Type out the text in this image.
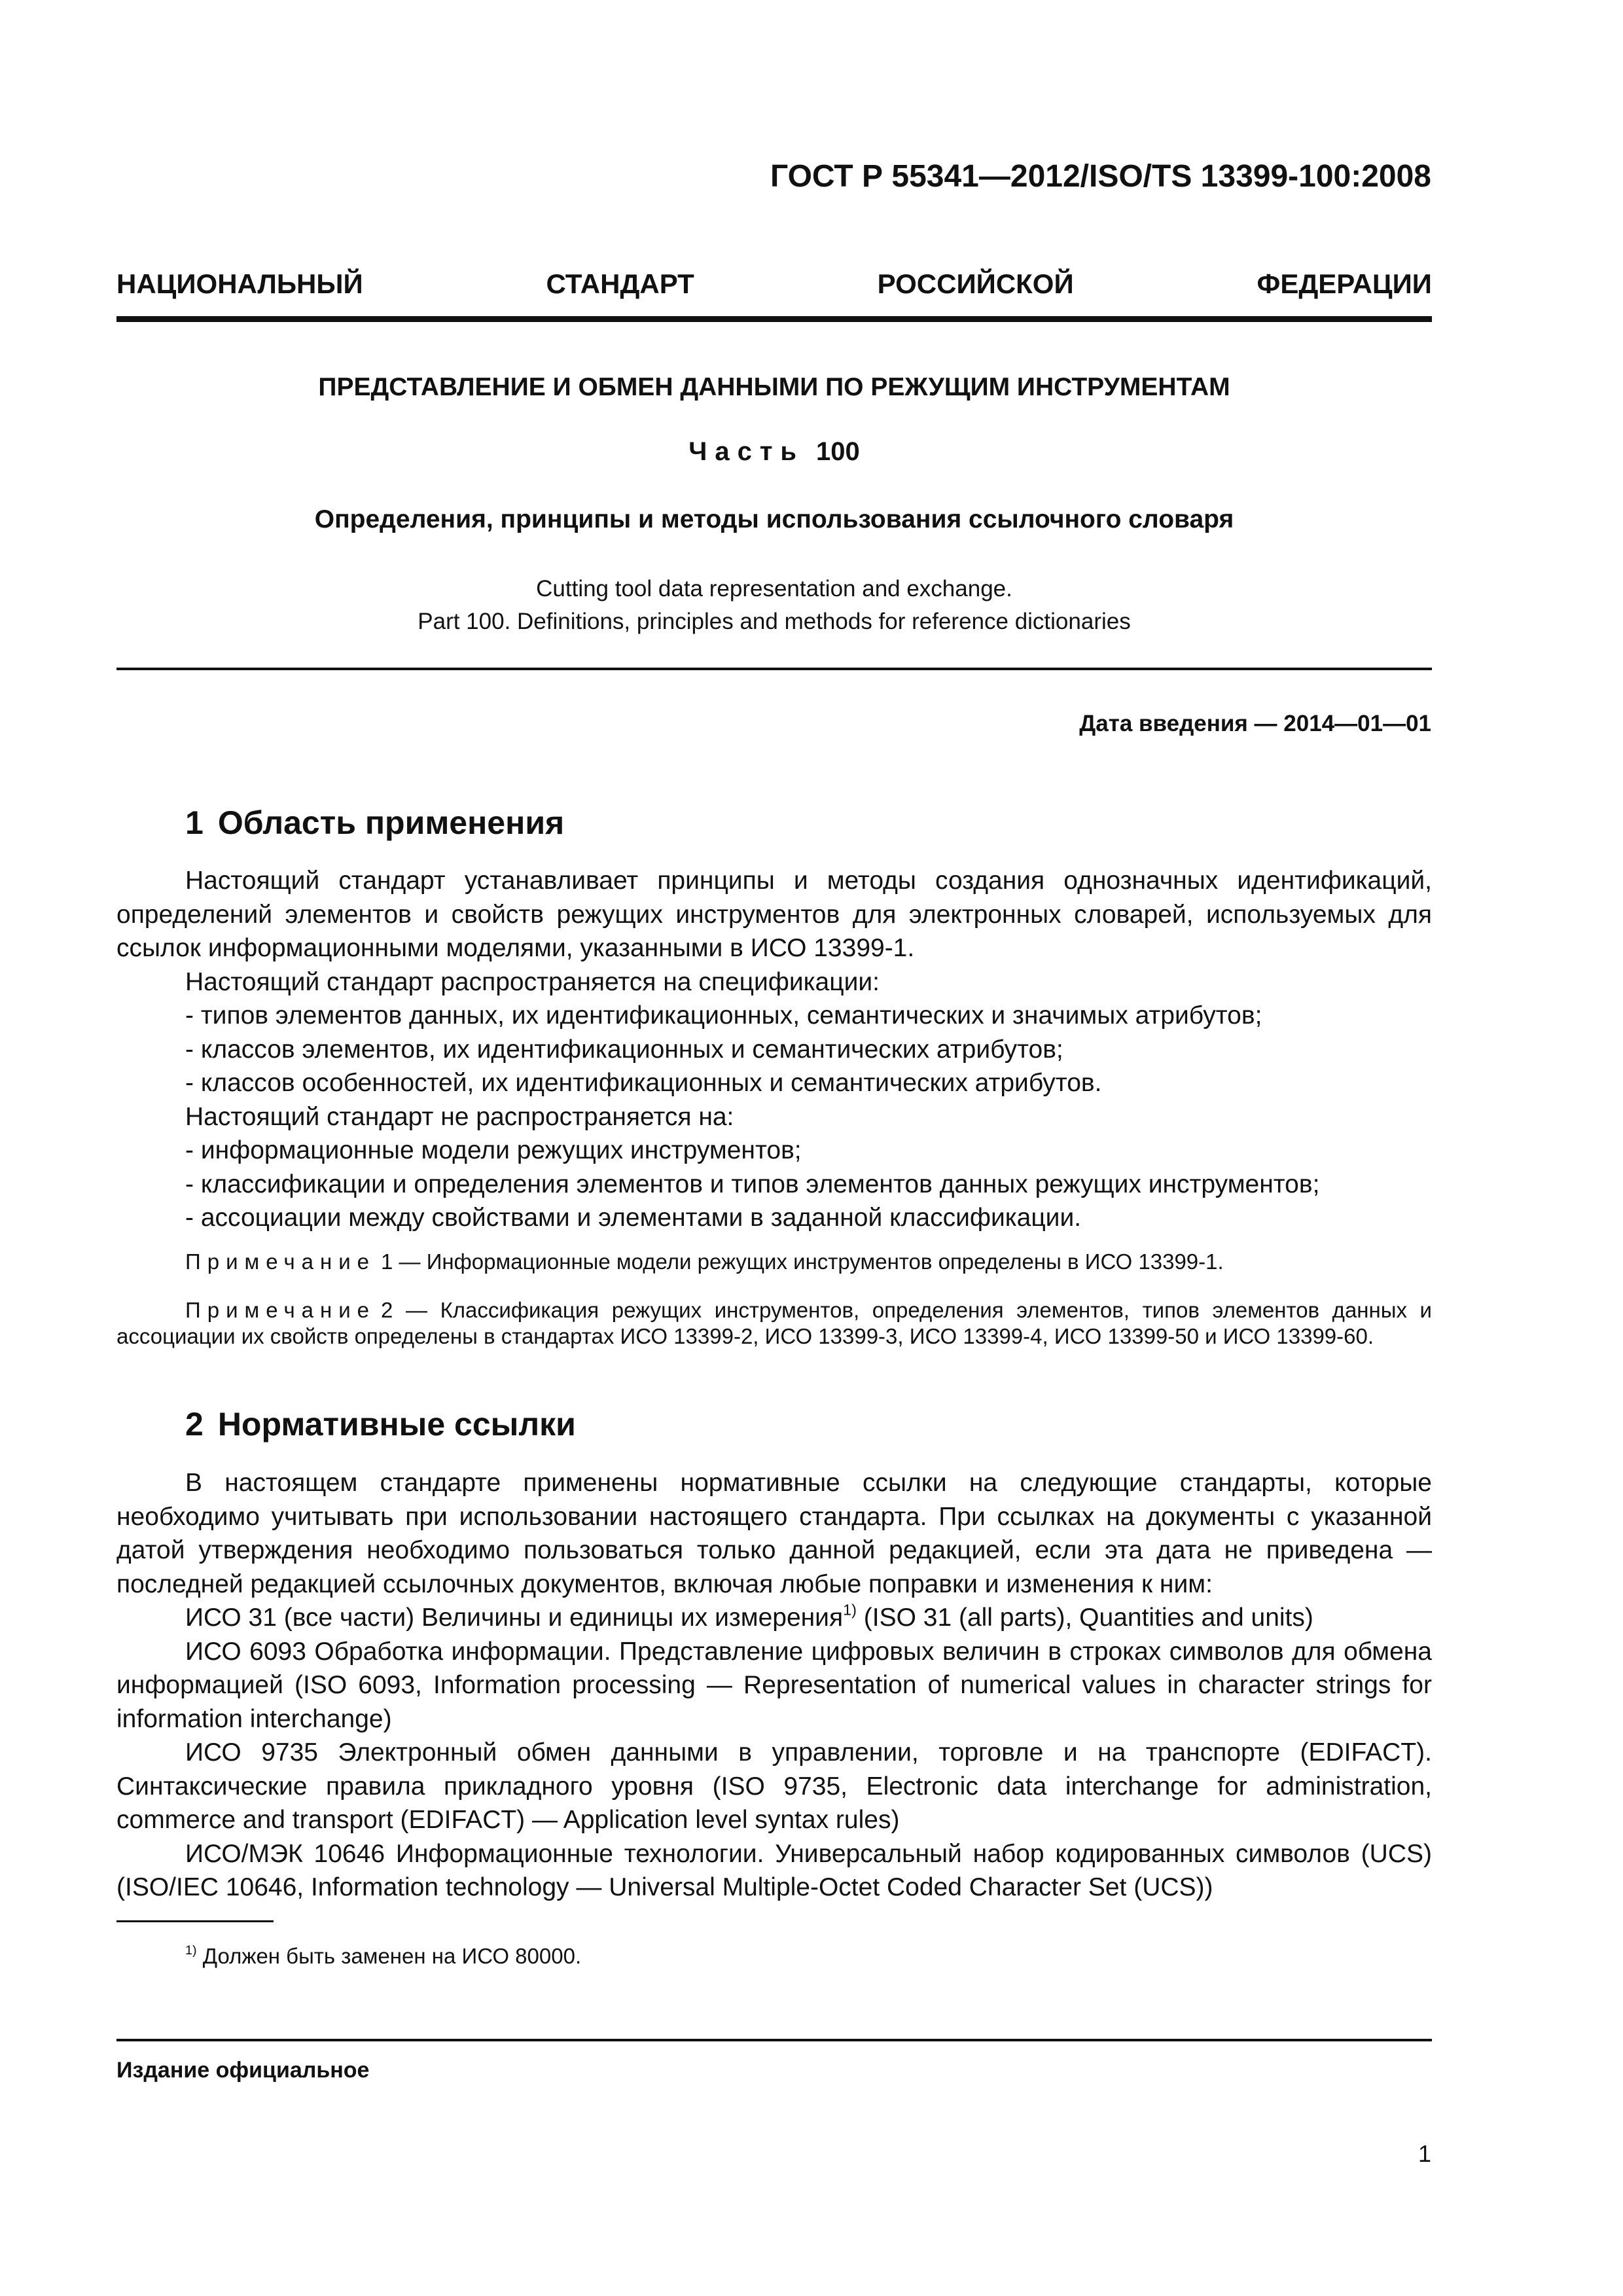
ГОСТ Р 55341—2012/ISO/TS 13399-100:2008
НАЦИОНАЛЬНЫЙ СТАНДАРТ РОССИЙСКОЙ ФЕДЕРАЦИИ
ПРЕДСТАВЛЕНИЕ И ОБМЕН ДАННЫМИ ПО РЕЖУЩИМ ИНСТРУМЕНТАМ
Часть 100
Определения, принципы и методы использования ссылочного словаря
Cutting tool data representation and exchange.
Part 100. Definitions, principles and methods for reference dictionaries
Дата введения — 2014—01—01
1 Область применения

Настоящий стандарт устанавливает принципы и методы создания однозначных идентификаций, определений элементов и свойств режущих инструментов для электронных словарей, используемых для ссылок информационными моделями, указанными в ИСО 13399-1.

Настоящий стандарт распространяется на спецификации:

- типов элементов данных, их идентификационных, семантических и значимых атрибутов;
- классов элементов, их идентификационных и семантических атрибутов;
- классов особенностей, их идентификационных и семантических атрибутов.

Настоящий стандарт не распространяется на:

- информационные модели режущих инструментов;
- классификации и определения элементов и типов элементов данных режущих инструментов;
- ассоциации между свойствами и элементами в заданной классификации.

Примечание 1 — Информационные модели режущих инструментов определены в ИСО 13399-1.

Примечание 2 — Классификация режущих инструментов, определения элементов, типов элементов данных и ассоциации их свойств определены в стандартах ИСО 13399-2, ИСО 13399-3, ИСО 13399-4, ИСО 13399-50 и ИСО 13399-60.

2 Нормативные ссылки

В настоящем стандарте применены нормативные ссылки на следующие стандарты, которые необходимо учитывать при использовании настоящего стандарта. При ссылках на документы с указанной датой утверждения необходимо пользоваться только данной редакцией, если эта дата не приведена — последней редакцией ссылочных документов, включая любые поправки и изменения к ним:

ИСО 31 (все части) Величины и единицы их измерения$^{1)}$ (ISO 31 (all parts), Quantities and units)

ИСО 6093 Обработка информации. Представление цифровых величин в строках символов для обмена информацией (ISO 6093, Information processing — Representation of numerical values in character strings for information interchange)

ИСО 9735 Электронный обмен данными в управлении, торговле и на транспорте (EDIFACT). Синтаксические правила прикладного уровня (ISO 9735, Electronic data interchange for administration, commerce and transport (EDIFACT) — Application level syntax rules)

ИСО/МЭК 10646 Информационные технологии. Универсальный набор кодированных символов (UCS) (ISO/IEC 10646, Information technology — Universal Multiple-Octet Coded Character Set (UCS))

$^{1)}$ Должен быть заменен на ИСО 80000.
Издание официальное
1
